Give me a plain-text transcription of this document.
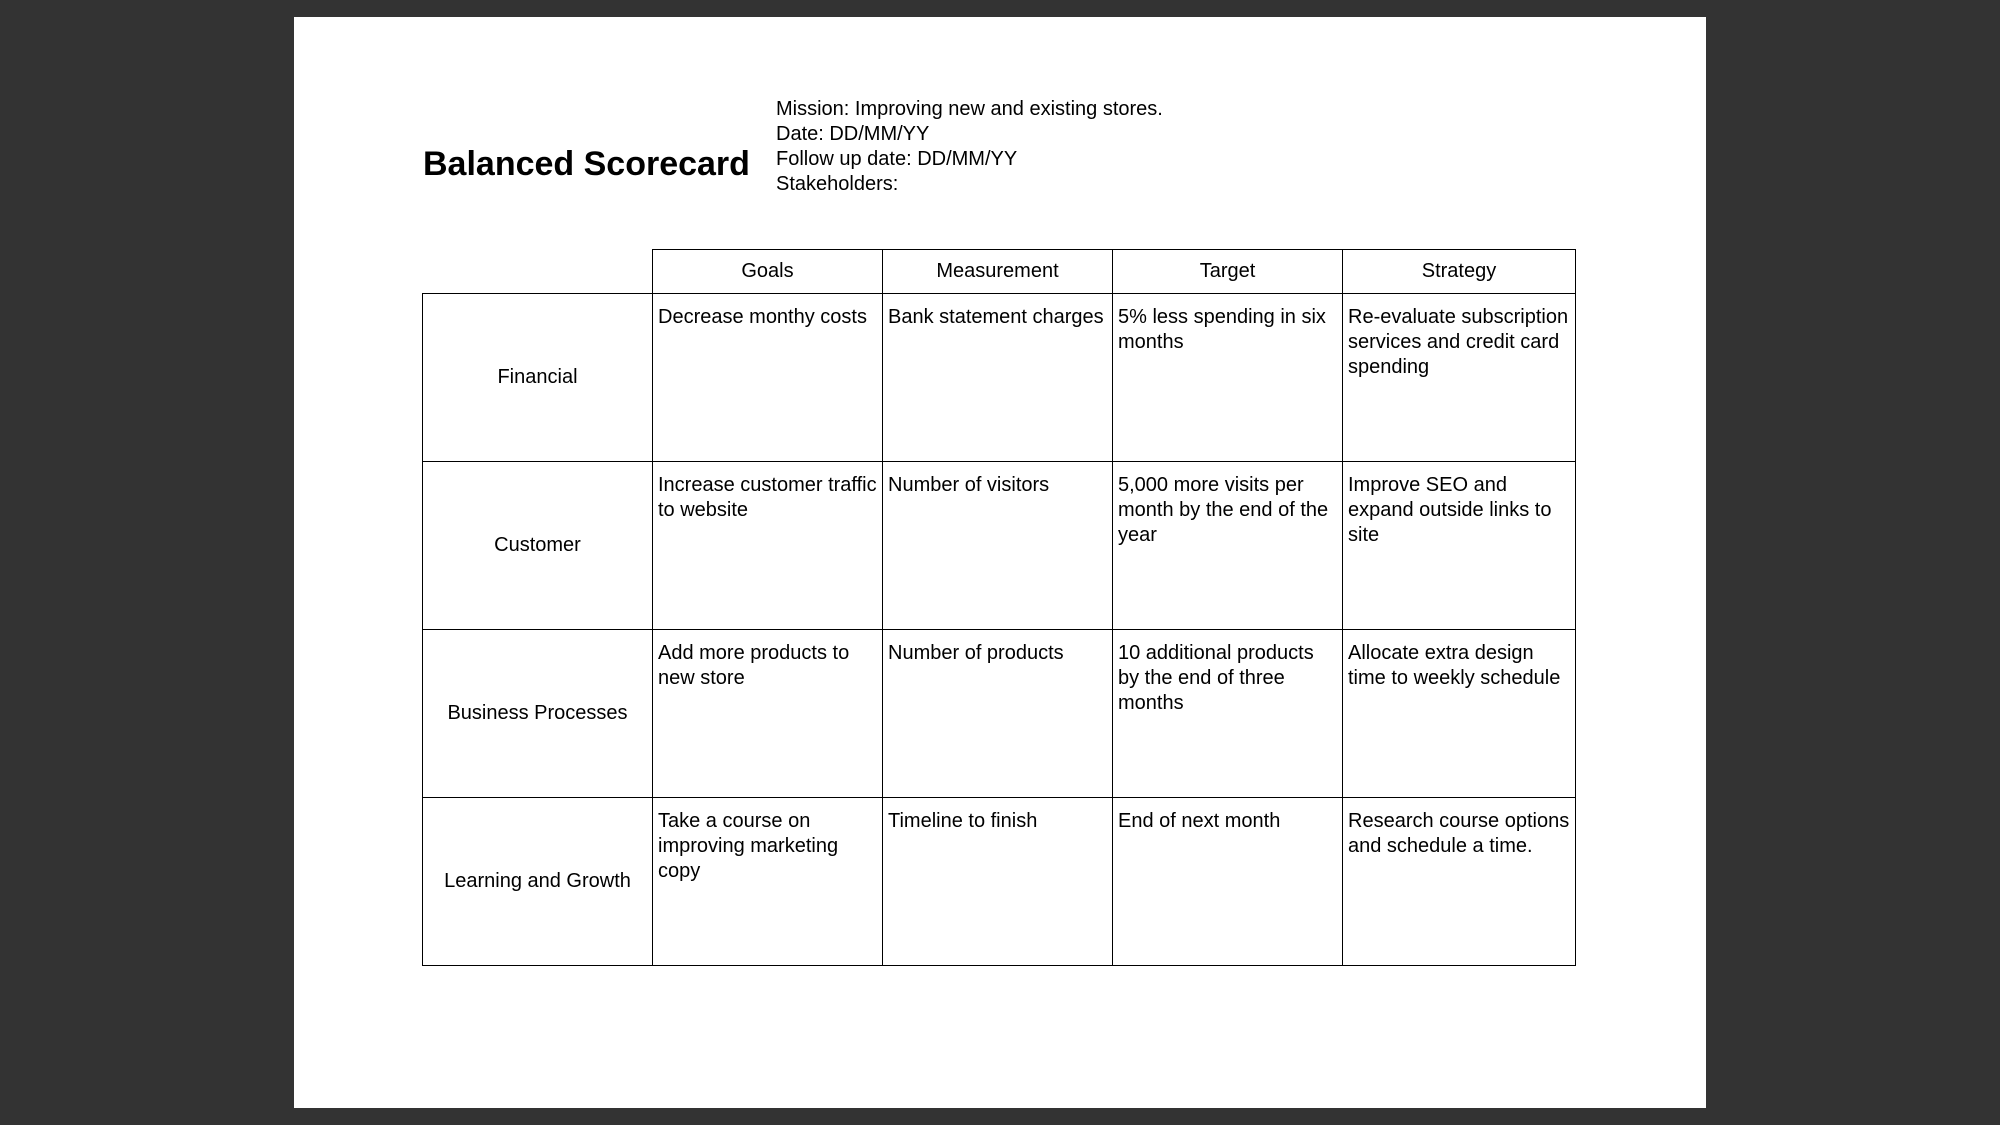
Balanced Scorecard
Mission: Improving new and existing stores.
Date: DD/MM/YY
Follow up date: DD/MM/YY
Stakeholders:
	Goals	Measurement	Target	Strategy
Financial	Decrease monthy costs	Bank statement charges	5% less spending in six months	Re-evaluate subscription services and credit card spending
Customer	Increase customer traffic to website	Number of visitors	5,000 more visits per month by the end of the year	Improve SEO and expand outside links to site
Business Processes	Add more products to new store	Number of products	10 additional products by the end of three months	Allocate extra design time to weekly schedule
Learning and Growth	Take a course on improving marketing copy	Timeline to finish	End of next month	Research course options and schedule a time.
